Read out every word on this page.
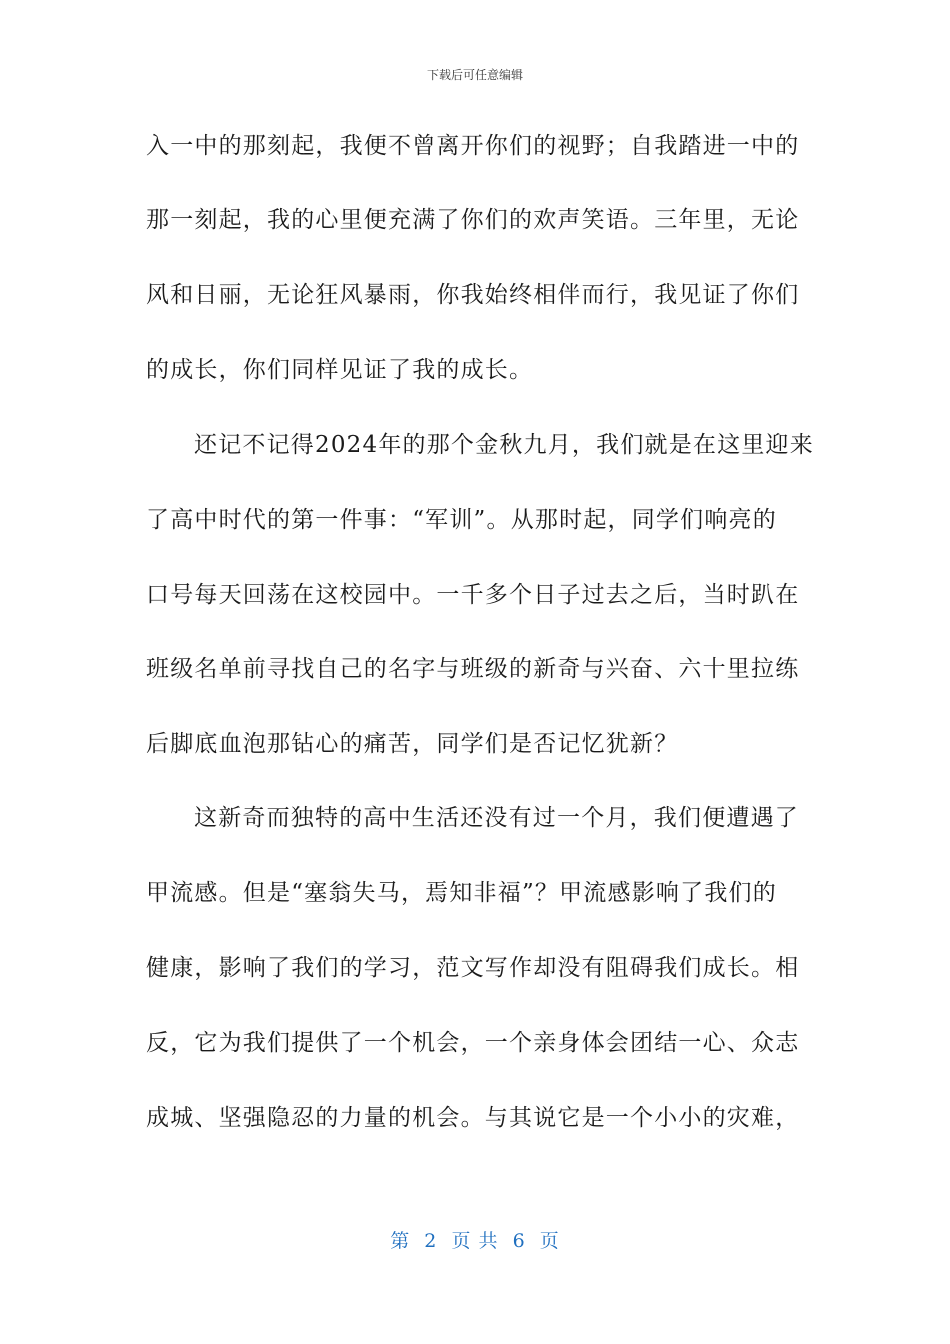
下载后可任意编辑
入一中的那刻起，我便不曾离开你们的视野；自我踏进一中的
那一刻起，我的心里便充满了你们的欢声笑语。三年里，无论
风和日丽，无论狂风暴雨，你我始终相伴而行，我见证了你们
的成长，你们同样见证了我的成长。
还记不记得2024年的那个金秋九月，我们就是在这里迎来
了高中时代的第一件事：“军训”。从那时起，同学们响亮的
口号每天回荡在这校园中。一千多个日子过去之后，当时趴在
班级名单前寻找自己的名字与班级的新奇与兴奋、六十里拉练
后脚底血泡那钻心的痛苦，同学们是否记忆犹新？
这新奇而独特的高中生活还没有过一个月，我们便遭遇了
甲流感。但是“塞翁失马，焉知非福”？甲流感影响了我们的
健康，影响了我们的学习，范文写作却没有阻碍我们成长。相
反，它为我们提供了一个机会，一个亲身体会团结一心、众志
成城、坚强隐忍的力量的机会。与其说它是一个小小的灾难，
第  2  页 共  6  页
